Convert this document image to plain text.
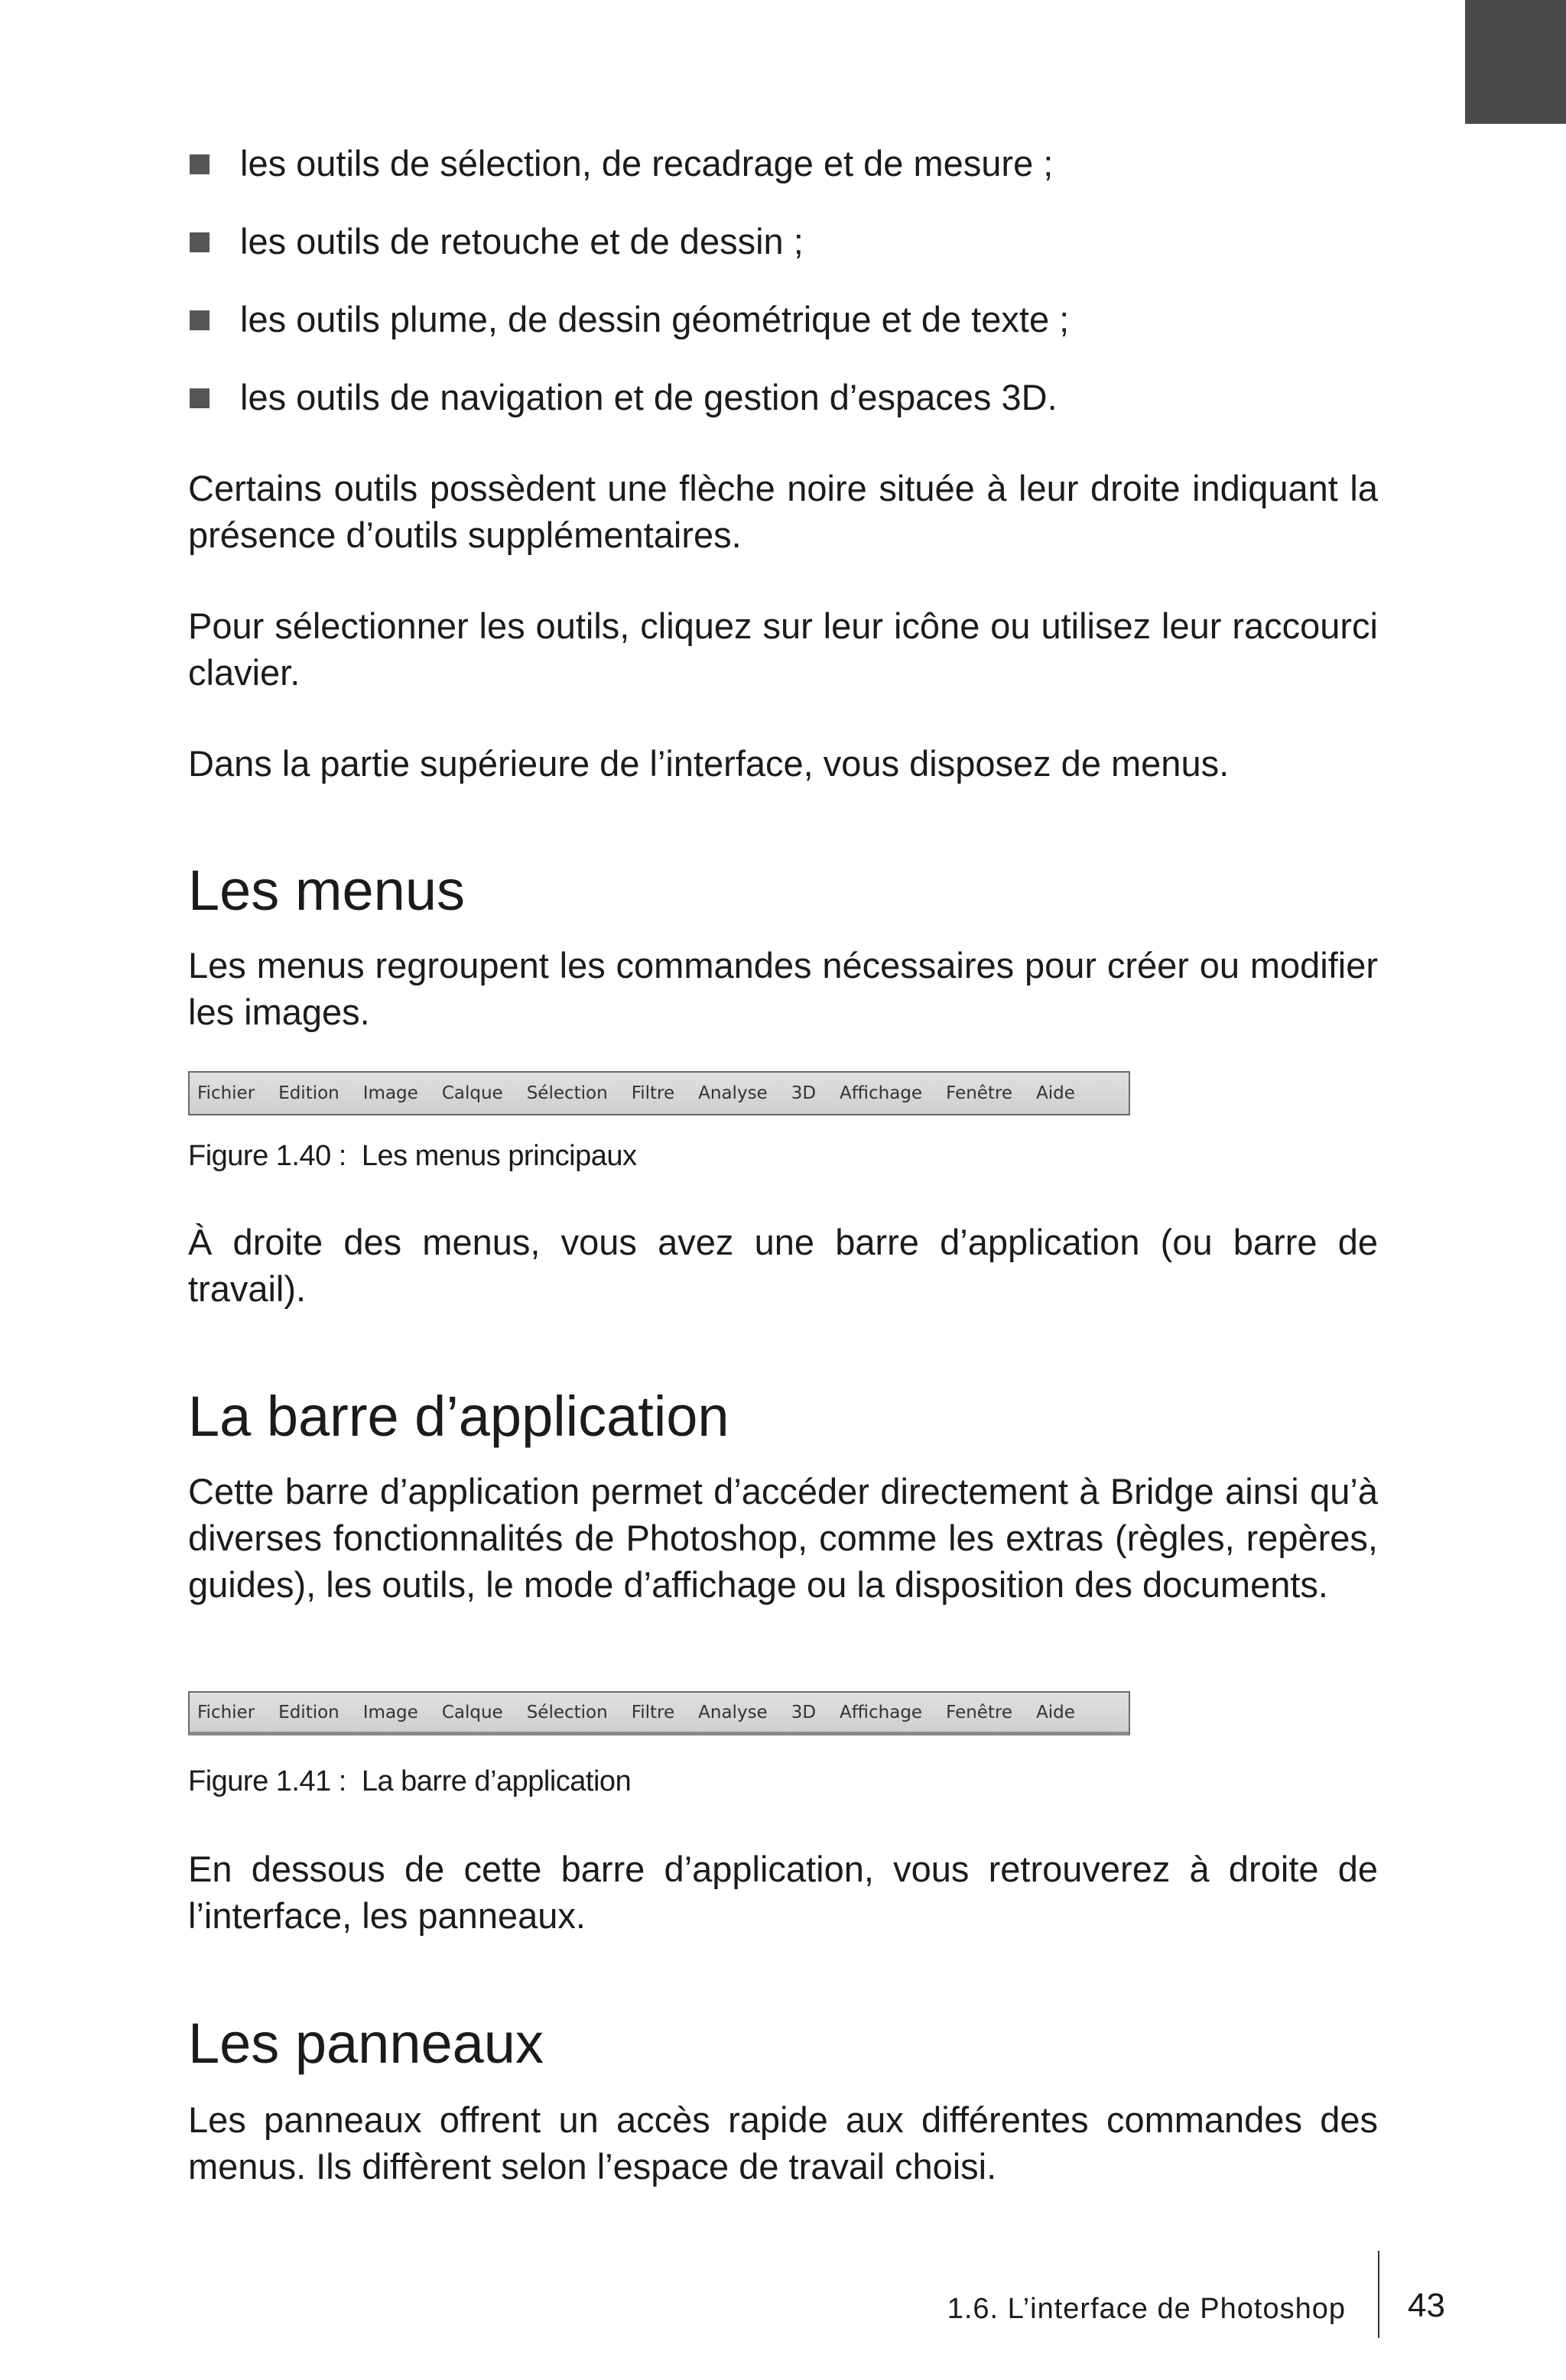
les outils de sélection, de recadrage et de mesure ;
les outils de retouche et de dessin ;
les outils plume, de dessin géométrique et de texte ;
les outils de navigation et de gestion d’espaces 3D.

Certains outils possèdent une flèche noire située à leur droite indiquant la présence d’outils supplémentaires.

Pour sélectionner les outils, cliquez sur leur icône ou utilisez leur raccourci clavier.

Dans la partie supérieure de l’interface, vous disposez de menus.

Les menus

Les menus regroupent les commandes nécessaires pour créer ou modifier les images.

Fichier Edition Image Calque Sélection Filtre Analyse 3D Affichage Fenêtre Aide
Figure 1.40 : Les menus principaux

À droite des menus, vous avez une barre d’application (ou barre de travail).

La barre d’application

Cette barre d’application permet d’accéder directement à Bridge ainsi qu’à diverses fonctionnalités de Photoshop, comme les extras (règles, repères, guides), les outils, le mode d’affichage ou la disposition des documents.

Fichier Edition Image Calque Sélection Filtre Analyse 3D Affichage Fenêtre Aide
Figure 1.41 : La barre d’application

En dessous de cette barre d’application, vous retrouverez à droite de l’interface, les panneaux.

Les panneaux

Les panneaux offrent un accès rapide aux différentes commandes des menus. Ils diffèrent selon l’espace de travail choisi.

1.6. L’interface de Photoshop 43
